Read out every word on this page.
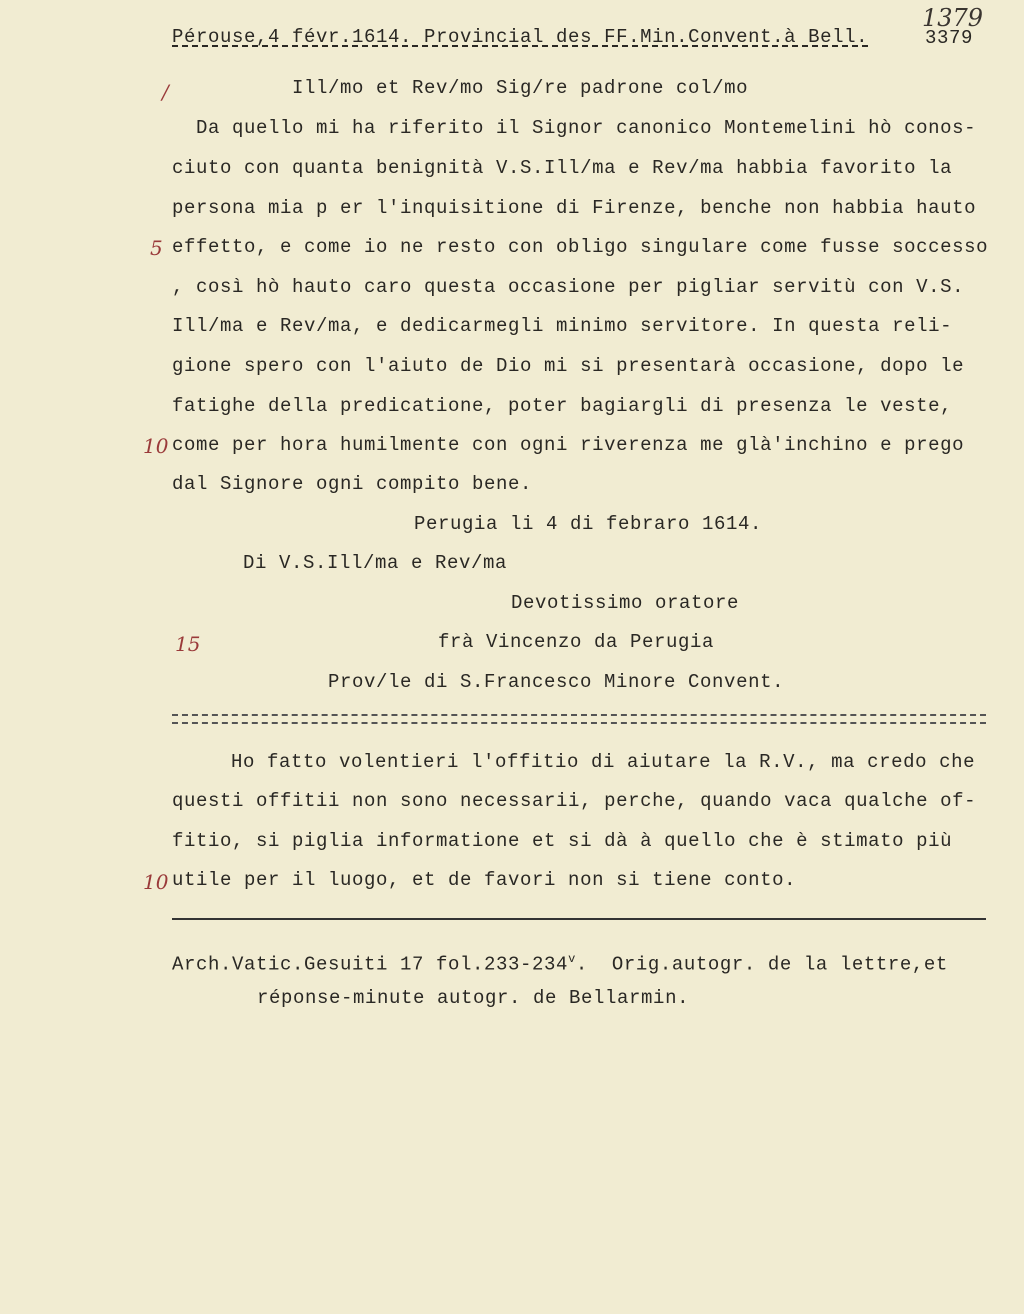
Pérouse,4 févr.1614. Provincial des FF.Min.Convent.à Bell.	3379
1379
/	Ill/mo et Rev/mo Sig/re padrone col/mo
Da quello mi ha riferito il Signor canonico Montemelini hò conos-
ciuto con quanta benignità V.S.Ill/ma e Rev/ma habbia favorito la
persona mia p er l'inquisitione di Firenze, benche non habbia hauto
5 effetto, e come io ne resto con obligo singulare come fusse soccesso
, così hò hauto caro questa occasione per pigliar servitù con V.S.
Ill/ma e Rev/ma, e dedicarmegli minimo servitore. In questa reli-
gione spero con l'aiuto de Dio mi si presentarà occasione, dopo le
fatighe della predicatione, poter bagiargli di presenza le veste,
10 come per hora humilmente con ogni riverenza me glà'inchino e prego
dal Signore ogni compito bene.
Perugia li 4 di febraro 1614.
Di V.S.Ill/ma e Rev/ma
Devotissimo oratore
15	frà Vincenzo da Perugia
Prov/le di S.Francesco Minore Convent.
Ho fatto volentieri l'offitio di aiutare la R.V., ma credo che
questi offitii non sono necessarii, perche, quando vaca qualche of-
fitio, si piglia informatione et si dà à quello che è stimato più
10 utile per il luogo, et de favori non si tiene conto.
Arch.Vatic.Gesuiti 17 fol.233-234$^v$.  Orig.autogr. de la lettre,et
réponse-minute autogr. de Bellarmin.
